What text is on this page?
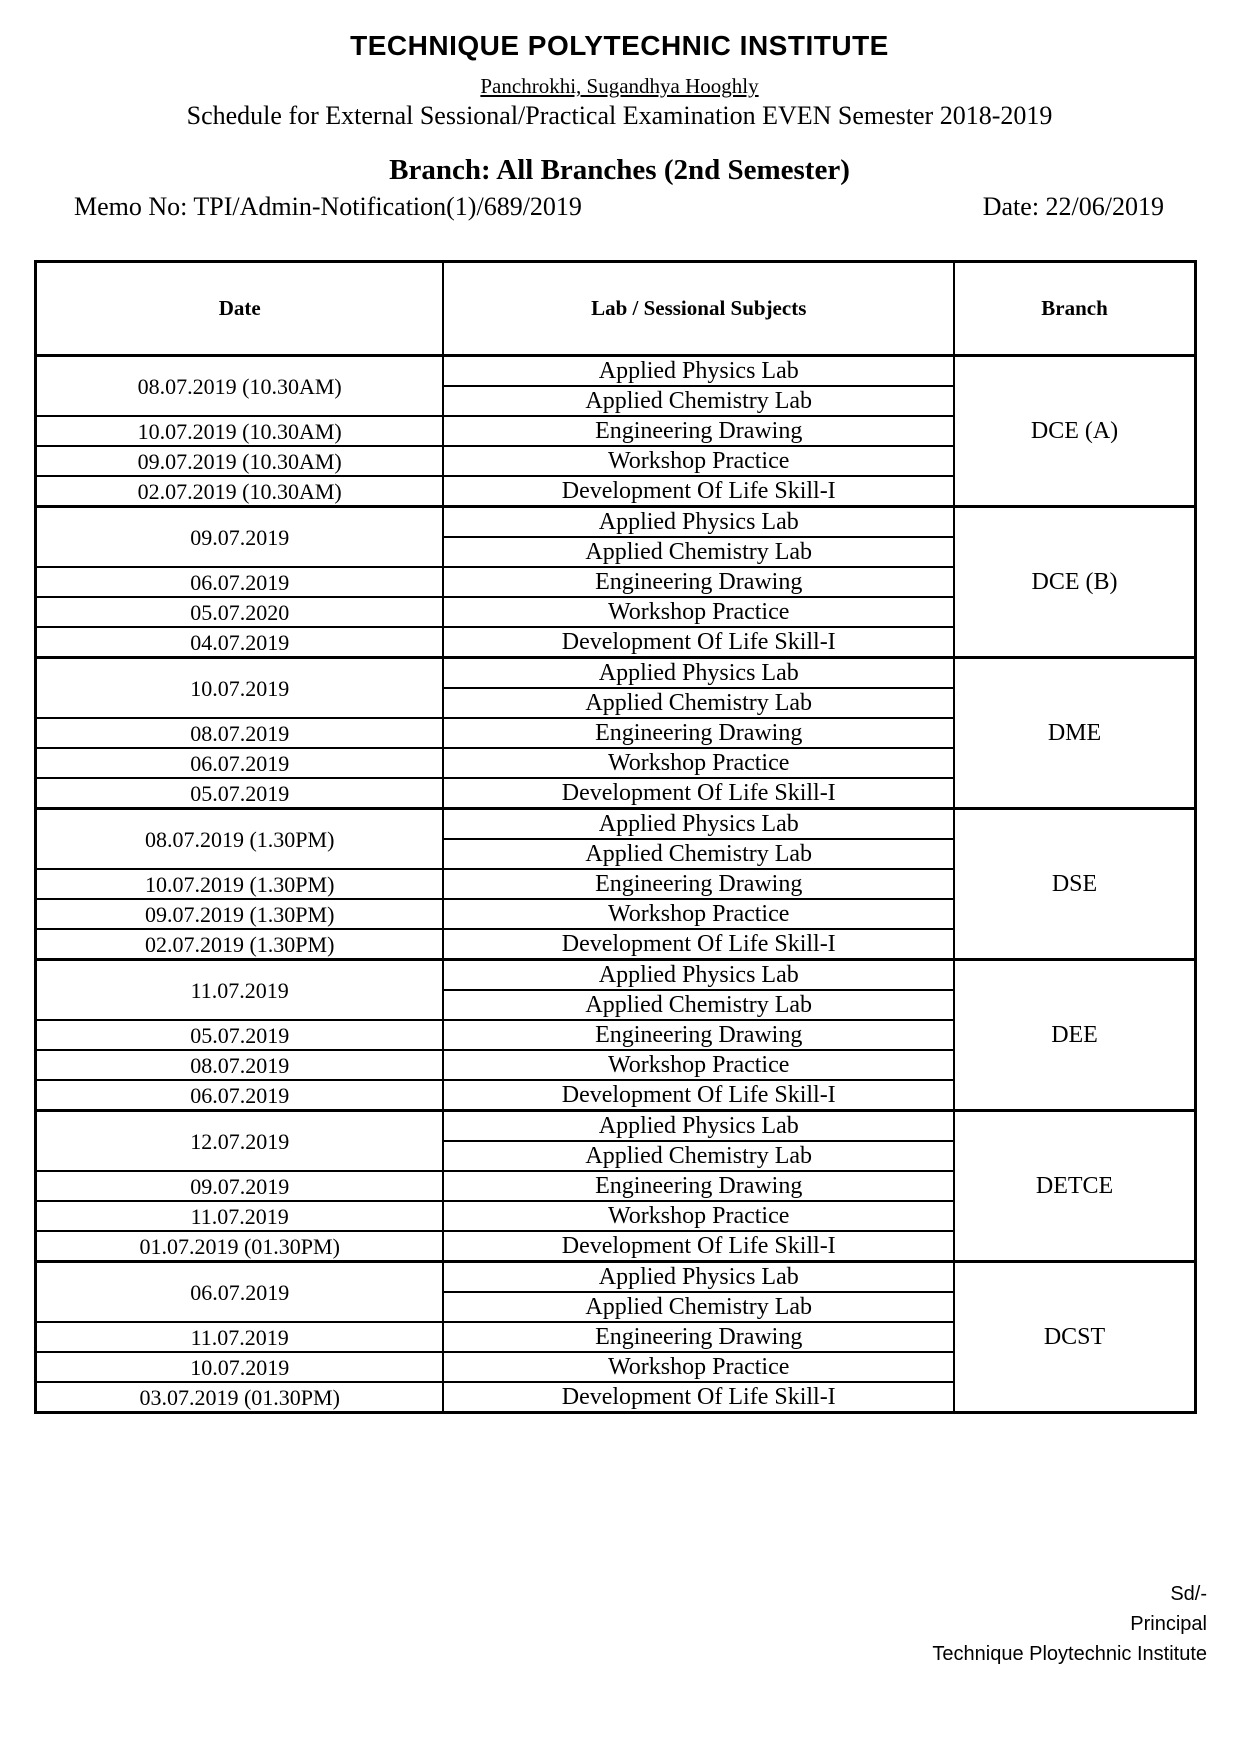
TECHNIQUE POLYTECHNIC INSTITUTE
Panchrokhi, Sugandhya Hooghly
Schedule for External Sessional/Practical Examination EVEN Semester 2018-2019
Branch: All Branches (2nd Semester)
Memo No: TPI/Admin-Notification(1)/689/2019	Date: 22/06/2019
Date	Lab / Sessional Subjects	Branch
08.07.2019 (10.30AM)	Applied Physics Lab	DCE (A)
	Applied Chemistry Lab	
10.07.2019 (10.30AM)	Engineering Drawing	
09.07.2019 (10.30AM)	Workshop Practice	
02.07.2019 (10.30AM)	Development Of Life Skill-I	
09.07.2019	Applied Physics Lab	DCE (B)
	Applied Chemistry Lab	
06.07.2019	Engineering Drawing	
05.07.2020	Workshop Practice	
04.07.2019	Development Of Life Skill-I	
10.07.2019	Applied Physics Lab	DME
	Applied Chemistry Lab	
08.07.2019	Engineering Drawing	
06.07.2019	Workshop Practice	
05.07.2019	Development Of Life Skill-I	
08.07.2019 (1.30PM)	Applied Physics Lab	DSE
	Applied Chemistry Lab	
10.07.2019 (1.30PM)	Engineering Drawing	
09.07.2019 (1.30PM)	Workshop Practice	
02.07.2019 (1.30PM)	Development Of Life Skill-I	
11.07.2019	Applied Physics Lab	DEE
	Applied Chemistry Lab	
05.07.2019	Engineering Drawing	
08.07.2019	Workshop Practice	
06.07.2019	Development Of Life Skill-I	
12.07.2019	Applied Physics Lab	DETCE
	Applied Chemistry Lab	
09.07.2019	Engineering Drawing	
11.07.2019	Workshop Practice	
01.07.2019 (01.30PM)	Development Of Life Skill-I	
06.07.2019	Applied Physics Lab	DCST
	Applied Chemistry Lab	
11.07.2019	Engineering Drawing	
10.07.2019	Workshop Practice	
03.07.2019 (01.30PM)	Development Of Life Skill-I	
Sd/-
Principal
Technique Ploytechnic Institute
